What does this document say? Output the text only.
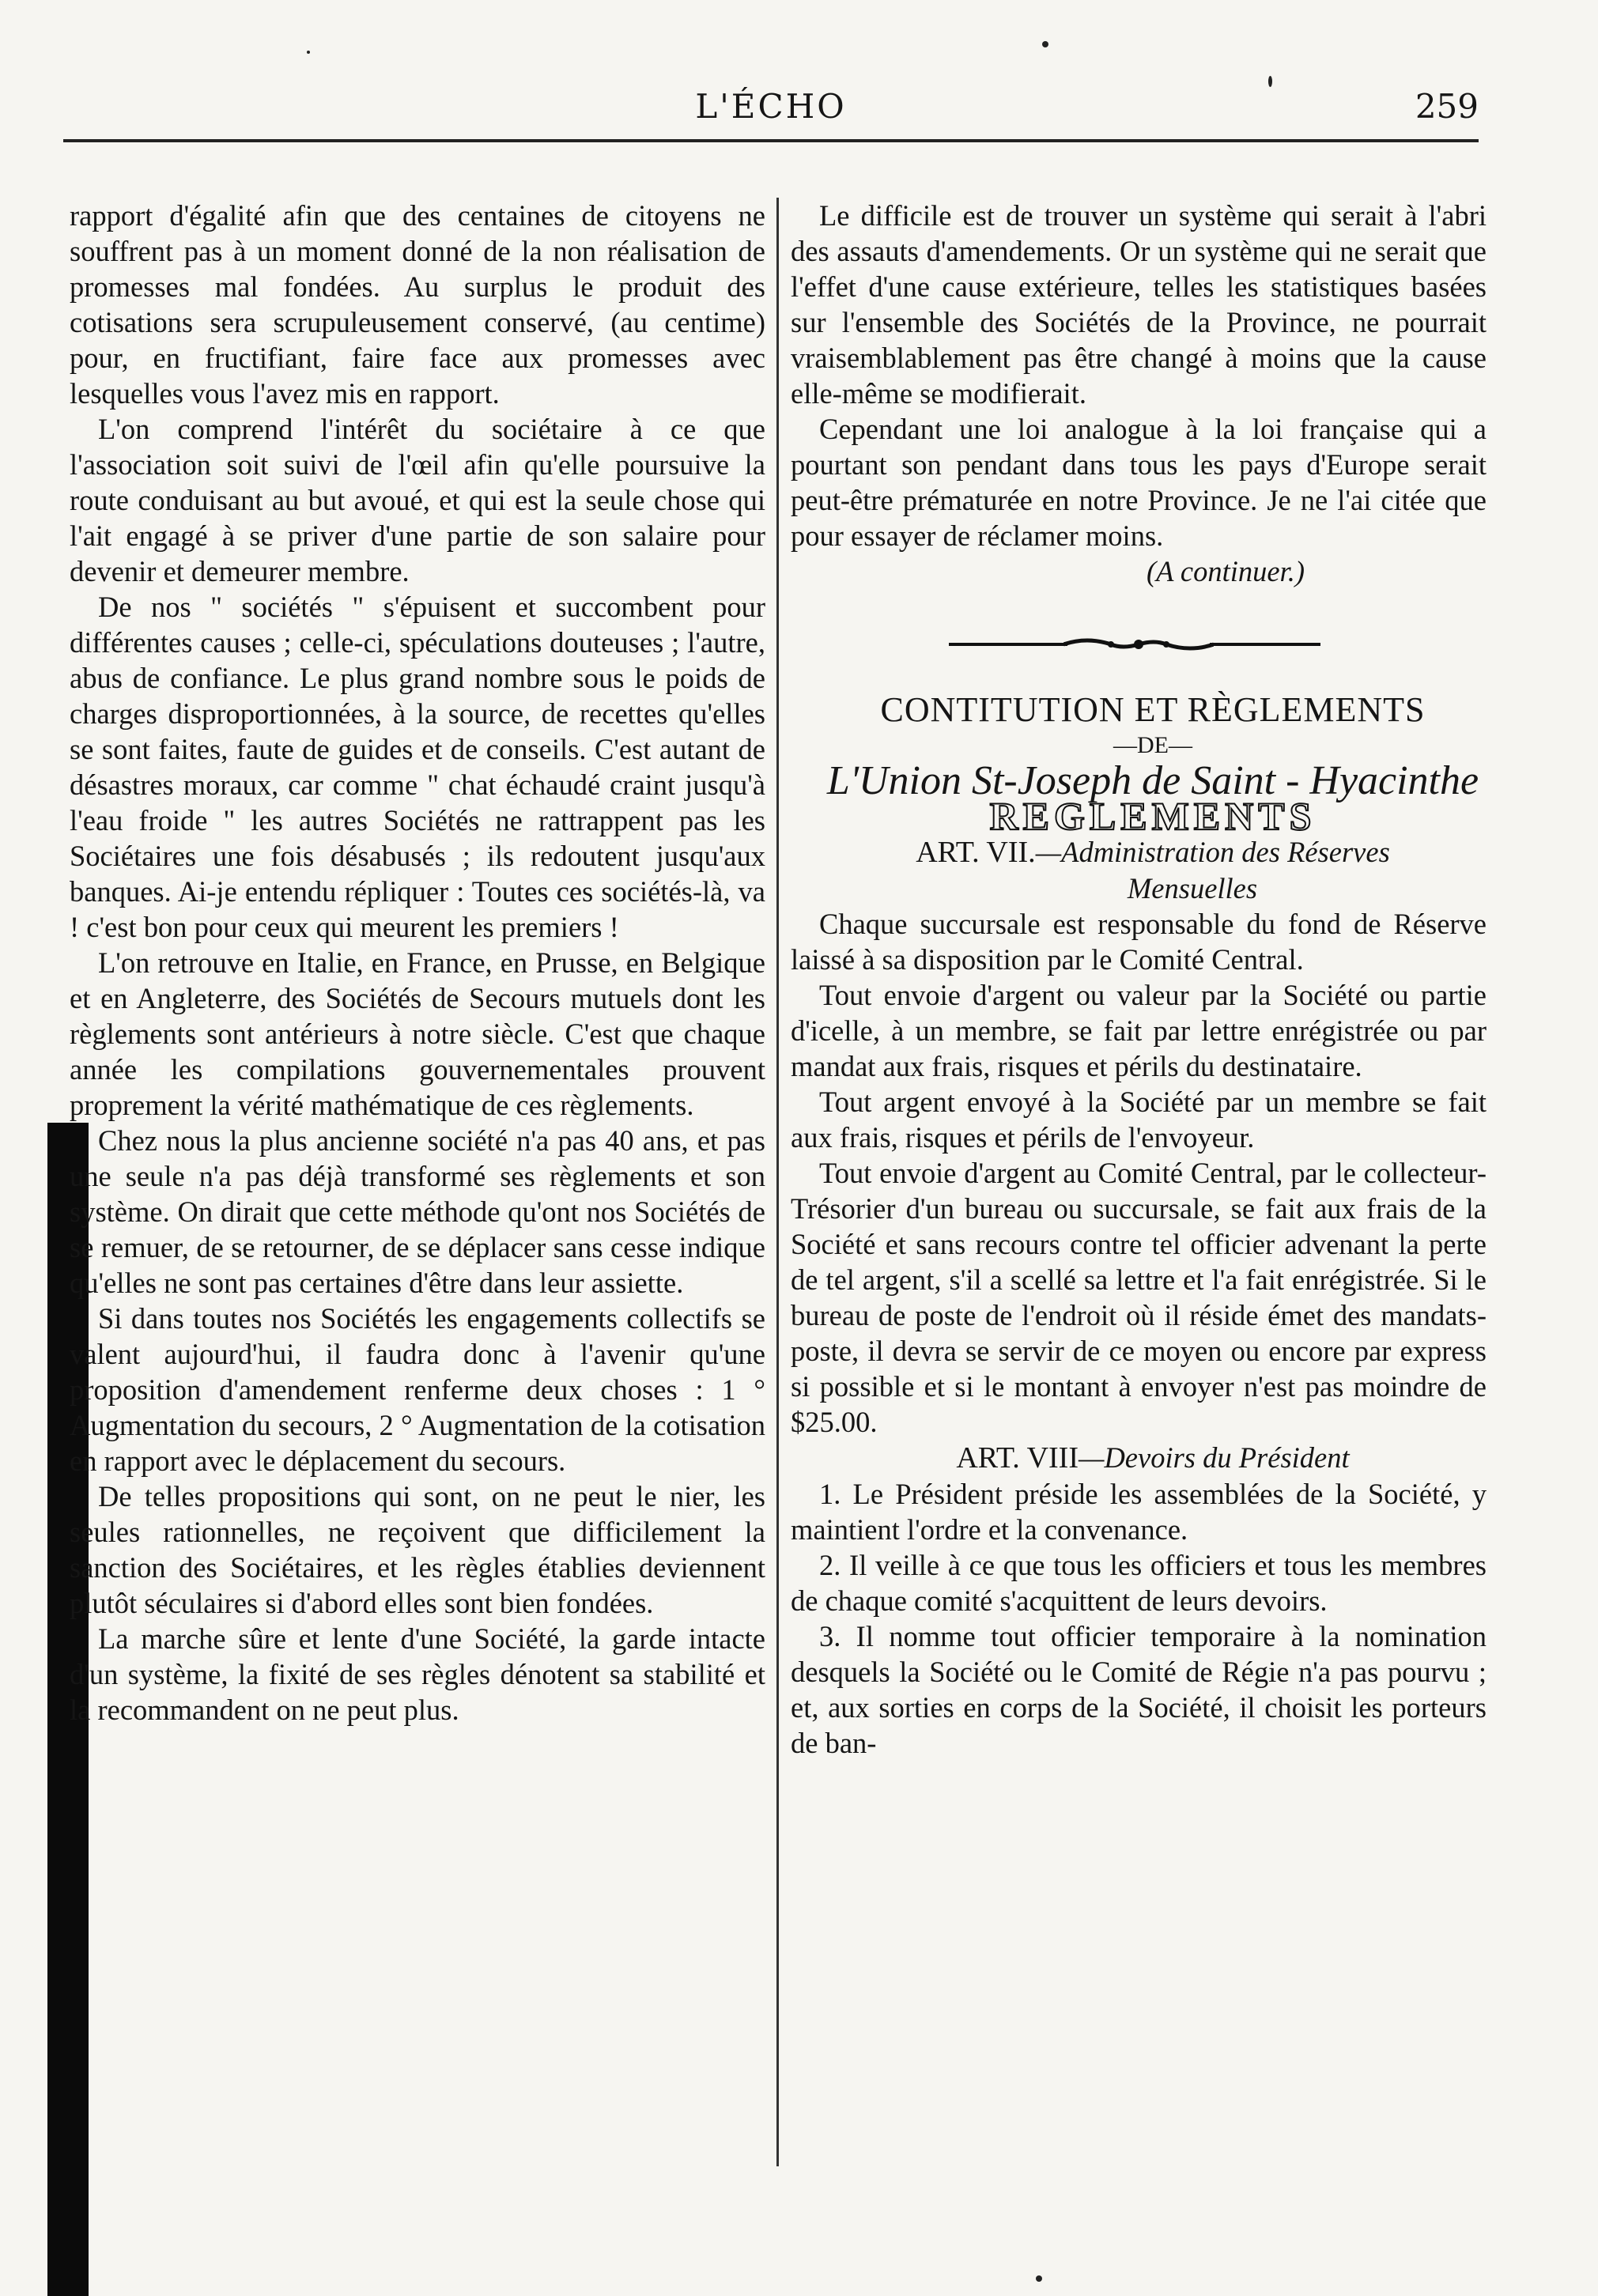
L'ÉCHO	259

rapport d'égalité afin que des centaines de citoyens ne souffrent pas à un moment donné de la non réalisation de promesses mal fondées. Au surplus le produit des cotisations sera scrupuleusement conservé, (au centime) pour, en fructifiant, faire face aux promesses avec lesquelles vous l'avez mis en rapport.

L'on comprend l'intérêt du sociétaire à ce que l'association soit suivi de l'œil afin qu'elle poursuive la route conduisant au but avoué, et qui est la seule chose qui l'ait engagé à se priver d'une partie de son salaire pour devenir et demeurer membre.

De nos " sociétés " s'épuisent et succombent pour différentes causes ; celle-ci, spéculations douteuses ; l'autre, abus de confiance. Le plus grand nombre sous le poids de charges disproportionnées, à la source, de recettes qu'elles se sont faites, faute de guides et de conseils. C'est autant de désastres moraux, car comme " chat échaudé craint jusqu'à l'eau froide " les autres Sociétés ne rattrappent pas les Sociétaires une fois désabusés ; ils redoutent jusqu'aux banques. Ai-je entendu répliquer : Toutes ces sociétés-là, va ! c'est bon pour ceux qui meurent les premiers !

L'on retrouve en Italie, en France, en Prusse, en Belgique et en Angleterre, des Sociétés de Secours mutuels dont les règlements sont antérieurs à notre siècle. C'est que chaque année les compilations gouvernementales prouvent proprement la vérité mathématique de ces règlements.

Chez nous la plus ancienne société n'a pas 40 ans, et pas une seule n'a pas déjà transformé ses règlements et son système. On dirait que cette méthode qu'ont nos Sociétés de se remuer, de se retourner, de se déplacer sans cesse indique qu'elles ne sont pas certaines d'être dans leur assiette.

Si dans toutes nos Sociétés les engagements collectifs se valent aujourd'hui, il faudra donc à l'avenir qu'une proposition d'amendement renferme deux choses : 1 ° Augmentation du secours, 2 ° Augmentation de la cotisation en rapport avec le déplacement du secours.

De telles propositions qui sont, on ne peut le nier, les seules rationnelles, ne reçoivent que difficilement la sanction des Sociétaires, et les règles établies deviennent plutôt séculaires si d'abord elles sont bien fondées.

La marche sûre et lente d'une Société, la garde intacte d'un système, la fixité de ses règles dénotent sa stabilité et la recommandent on ne peut plus.

Le difficile est de trouver un système qui serait à l'abri des assauts d'amendements. Or un système qui ne serait que l'effet d'une cause extérieure, telles les statistiques basées sur l'ensemble des Sociétés de la Province, ne pourrait vraisemblablement pas être changé à moins que la cause elle-même se modifierait.

Cependant une loi analogue à la loi française qui a pourtant son pendant dans tous les pays d'Europe serait peut-être prématurée en notre Province. Je ne l'ai citée que pour essayer de réclamer moins.

(A continuer.)

CONTITUTION ET RÈGLEMENTS

—DE—

L'Union St-Joseph de Saint - Hyacinthe

REGLEMENTS

ART. VII.—Administration des Réserves

Mensuelles

Chaque succursale est responsable du fond de Réserve laissé à sa disposition par le Comité Central.

Tout envoie d'argent ou valeur par la Société ou partie d'icelle, à un membre, se fait par lettre enrégistrée ou par mandat aux frais, risques et périls du destinataire.

Tout argent envoyé à la Société par un membre se fait aux frais, risques et périls de l'envoyeur.

Tout envoie d'argent au Comité Central, par le collecteur-Trésorier d'un bureau ou succursale, se fait aux frais de la Société et sans recours contre tel officier advenant la perte de tel argent, s'il a scellé sa lettre et l'a fait enrégistrée. Si le bureau de poste de l'endroit où il réside émet des mandats-poste, il devra se servir de ce moyen ou encore par express si possible et si le montant à envoyer n'est pas moindre de $25.00.

ART. VIII—Devoirs du Président

1. Le Président préside les assemblées de la Société, y maintient l'ordre et la convenance.

2. Il veille à ce que tous les officiers et tous les membres de chaque comité s'acquittent de leurs devoirs.

3. Il nomme tout officier temporaire à la nomination desquels la Société ou le Comité de Régie n'a pas pourvu ; et, aux sorties en corps de la Société, il choisit les porteurs de ban-
